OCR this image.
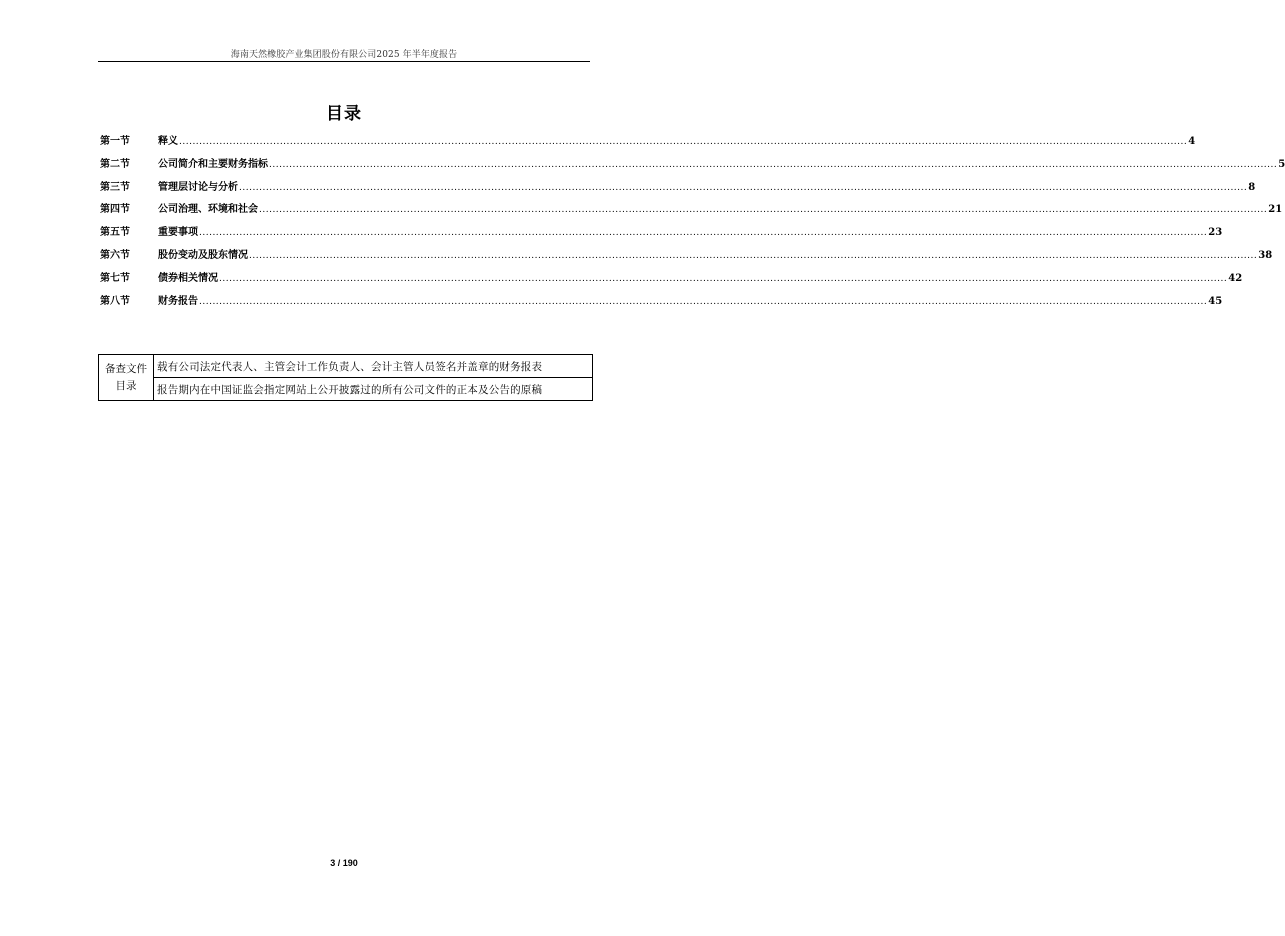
海南天然橡胶产业集团股份有限公司2025 年半年度报告
目录
第一节	释义 ............................................................................................................................................................................................................................................................................................................ 4
第二节	公司简介和主要财务指标 ............................................................................................................................................................................................................................................................................................................ 5
第三节	管理层讨论与分析 ............................................................................................................................................................................................................................................................................................................ 8
第四节	公司治理、环境和社会 ............................................................................................................................................................................................................................................................................................................ 21
第五节	重要事项 ............................................................................................................................................................................................................................................................................................................ 23
第六节	股份变动及股东情况 ............................................................................................................................................................................................................................................................................................................ 38
第七节	债券相关情况 ............................................................................................................................................................................................................................................................................................................ 42
第八节	财务报告 ............................................................................................................................................................................................................................................................................................................ 45
备查文件
目录
	载有公司法定代表人、主管会计工作负责人、会计主管人员签名并盖章的财务报表
报告期内在中国证监会指定网站上公开披露过的所有公司文件的正本及公告的原稿
3 / 190
